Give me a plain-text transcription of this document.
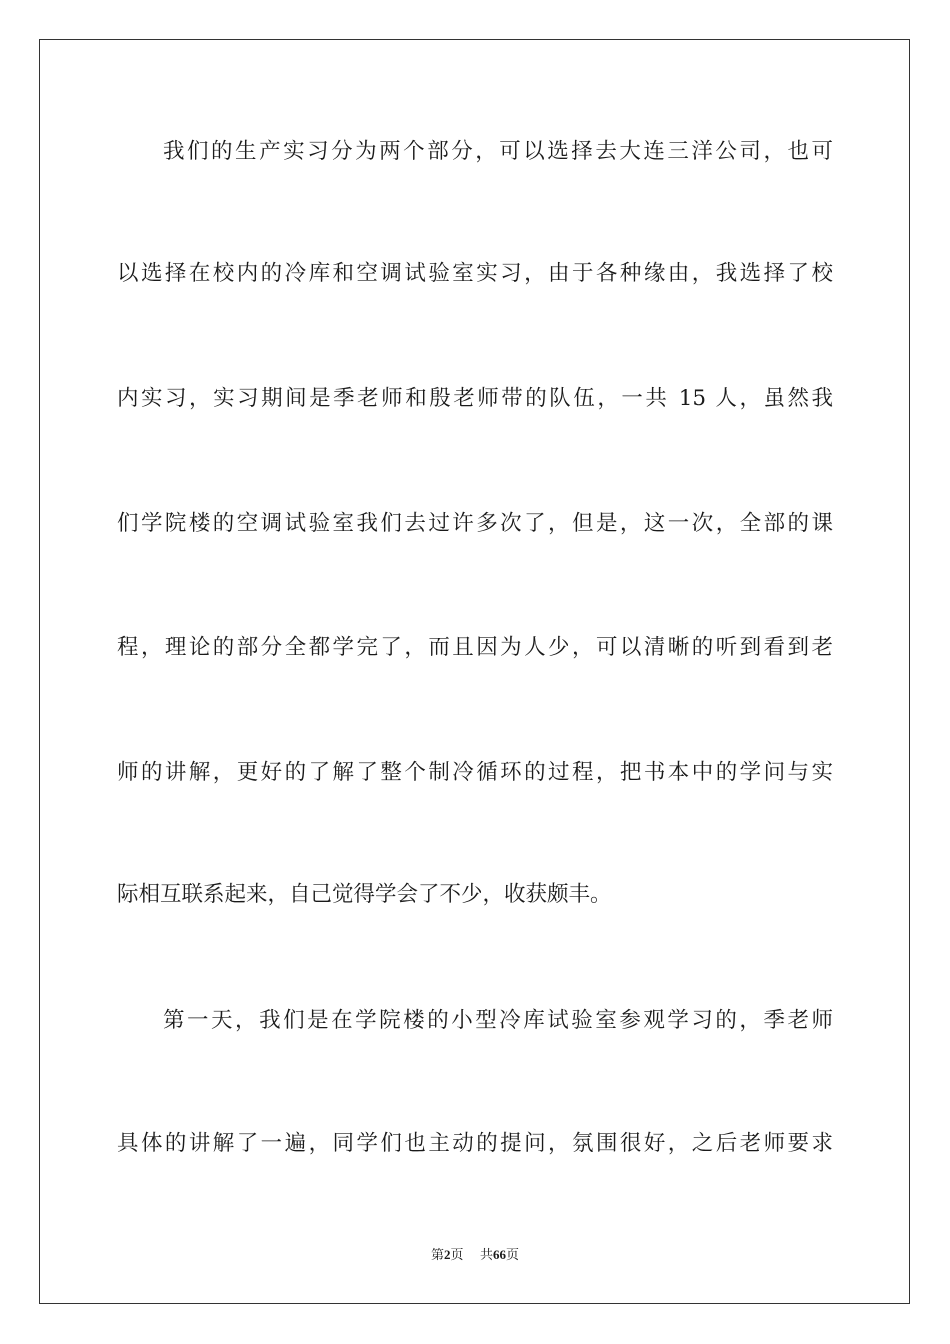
我们的生产实习分为两个部分，可以选择去大连三洋公司，也可
以选择在校内的冷库和空调试验室实习，由于各种缘由，我选择了校
内实习，实习期间是季老师和殷老师带的队伍，一共 15 人，虽然我
们学院楼的空调试验室我们去过许多次了，但是，这一次，全部的课
程，理论的部分全都学完了，而且因为人少，可以清晰的听到看到老
师的讲解，更好的了解了整个制冷循环的过程，把书本中的学问与实
际相互联系起来，自己觉得学会了不少，收获颇丰。
第一天，我们是在学院楼的小型冷库试验室参观学习的，季老师
具体的讲解了一遍，同学们也主动的提问，氛围很好，之后老师要求
第2页 共66页
